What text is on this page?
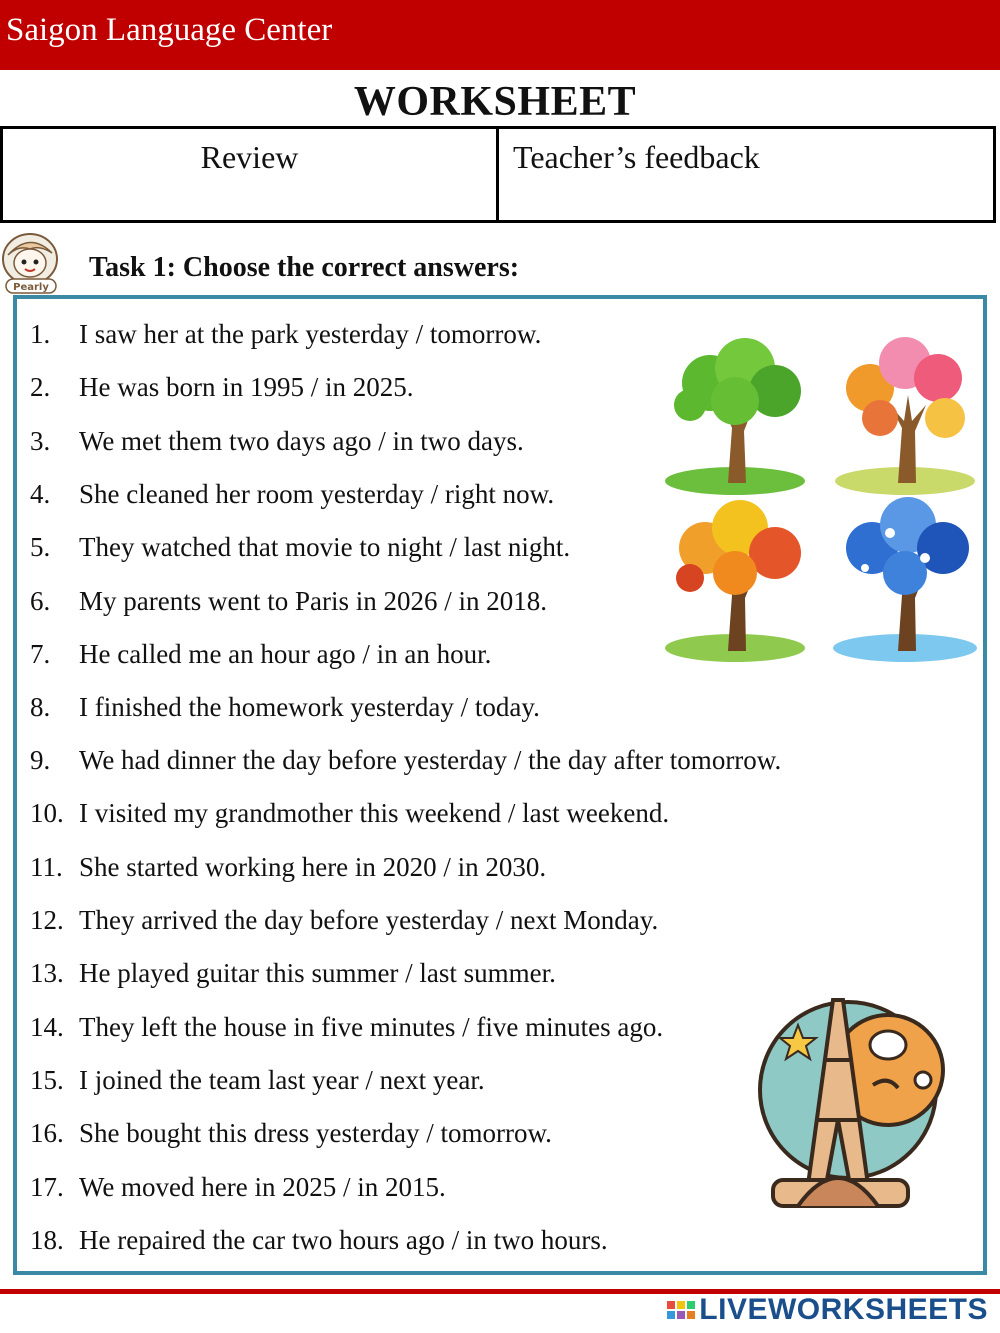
Saigon Language Center
WORKSHEET
Review	Teacher’s feedback
Pearly
Task 1: Choose the correct answers:
1. I saw her at the park yesterday / tomorrow.
2. He was born in 1995 / in 2025.
3. We met them two days ago / in two days.
4. She cleaned her room yesterday / right now.
5. They watched that movie to night / last night.
6. My parents went to Paris in 2026 / in 2018.
7. He called me an hour ago / in an hour.
8. I finished the homework yesterday / today.
9. We had dinner the day before yesterday / the day after tomorrow.
10. I visited my grandmother this weekend / last weekend.
11. She started working here in 2020 / in 2030.
12. They arrived the day before yesterday / next Monday.
13. He played guitar this summer / last summer.
14. They left the house in five minutes / five minutes ago.
15. I joined the team last year / next year.
16. She bought this dress yesterday / tomorrow.
17. We moved here in 2025 / in 2015.
18. He repaired the car two hours ago / in two hours.
LIVEWORKSHEETS
